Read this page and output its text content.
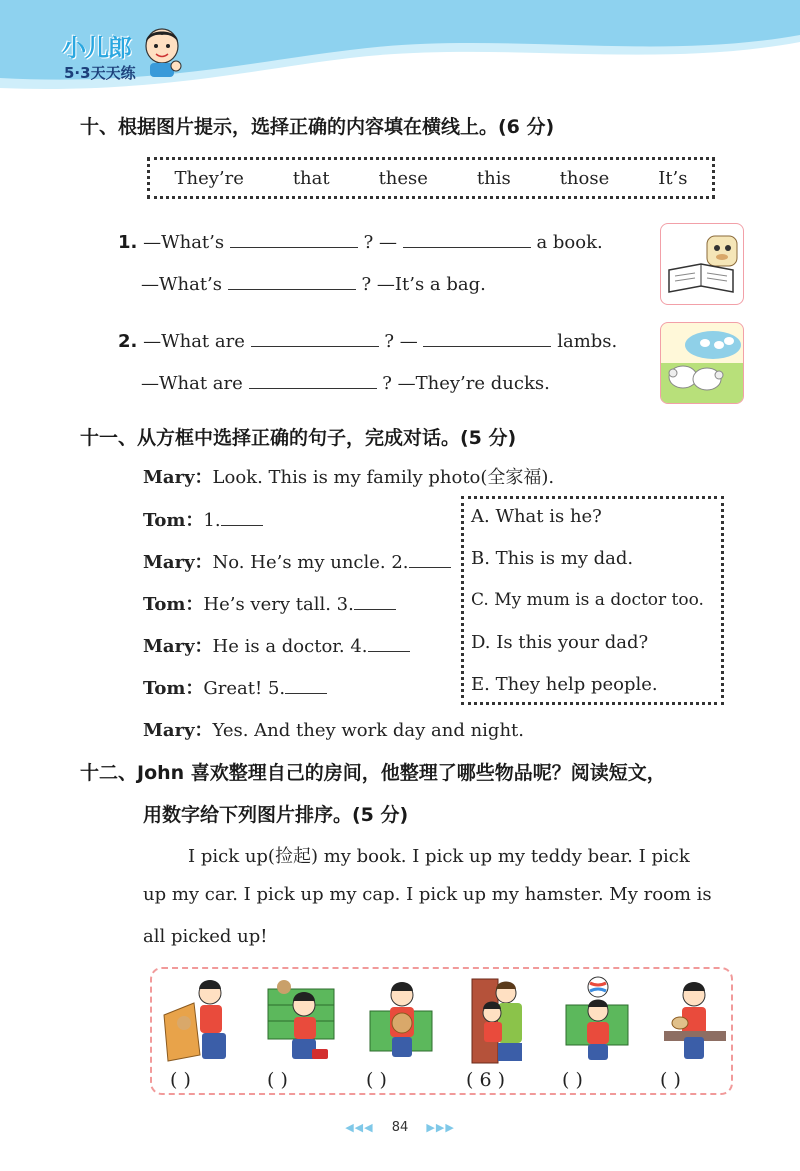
小儿郎
5·3天天练
十、根据图片提示，选择正确的内容填在横线上。(6 分)
They’re	that	these	this	those	It’s
1. —What’s	? —	a book.
—What’s	? —It’s a bag.
2. —What are	? —	lambs.
—What are	? —They’re ducks.
十一、从方框中选择正确的句子，完成对话。(5 分)
Mary：Look. This is my family photo(全家福).
Tom：1.
Mary：No. He’s my uncle. 2.
Tom：He’s very tall. 3.
Mary：He is a doctor. 4.
Tom：Great! 5.
Mary：Yes. And they work day and night.
A. What is he?
B. This is my dad.
C. My mum is a doctor too.
D. Is this your dad?
E. They help people.
十二、John 喜欢整理自己的房间，他整理了哪些物品呢？阅读短文，
用数字给下列图片排序。(5 分)
I pick up(捡起) my book. I pick up my teddy bear. I pick
up my car. I pick up my cap. I pick up my hamster. My room is
all picked up!
( )	( )	( )	( 6 )	( )	( )
◀◀◀ 84 ▶▶▶
